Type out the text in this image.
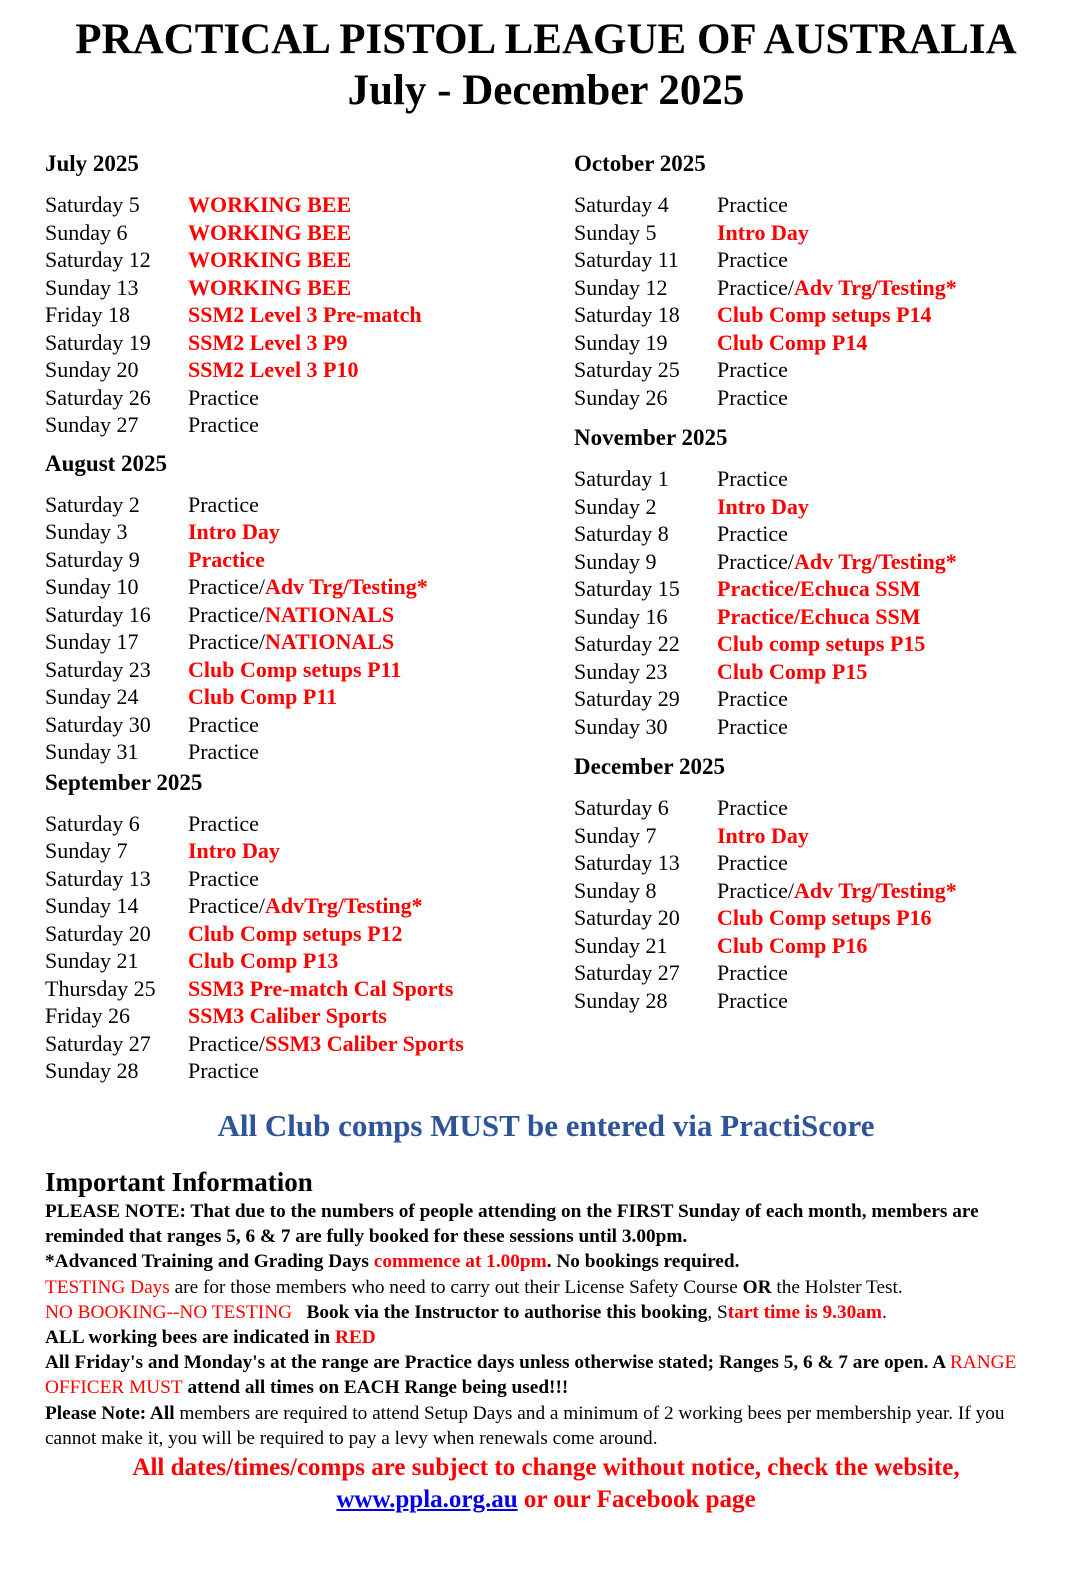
PRACTICAL PISTOL LEAGUE OF AUSTRALIA
July - December 2025
July 2025
Saturday 5 WORKING BEE
Sunday 6	WORKING BEE
Saturday 12 WORKING BEE
Sunday 13 WORKING BEE
Friday 18	SSM2 Level 3 Pre-match
Saturday 19 SSM2 Level 3 P9
Sunday 20 SSM2 Level 3 P10
Saturday 26 Practice
Sunday 27 Practice
August 2025
Saturday 2 Practice
Sunday 3	Intro Day
Saturday 9 Practice
Sunday 10 Practice/Adv Trg/Testing*
Saturday 16 Practice/NATIONALS
Sunday 17 Practice/NATIONALS
Saturday 23 Club Comp setups P11
Sunday 24 Club Comp P11
Saturday 30 Practice
Sunday 31 Practice
September 2025
Saturday 6 Practice
Sunday 7	Intro Day
Saturday 13 Practice
Sunday 14 Practice/AdvTrg/Testing*
Saturday 20 Club Comp setups P12
Sunday 21 Club Comp P13
Thursday 25 SSM3 Pre-match Cal Sports
Friday 26	SSM3 Caliber Sports
Saturday 27 Practice/SSM3 Caliber Sports
Sunday 28 Practice
October 2025
Saturday 4 Practice
Sunday 5	Intro Day
Saturday 11 Practice
Sunday 12 Practice/Adv Trg/Testing*
Saturday 18 Club Comp setups P14
Sunday 19 Club Comp P14
Saturday 25 Practice
Sunday 26 Practice
November 2025
Saturday 1 Practice
Sunday 2	Intro Day
Saturday 8 Practice
Sunday 9	Practice/Adv Trg/Testing*
Saturday 15 Practice/Echuca SSM
Sunday 16 Practice/Echuca SSM
Saturday 22 Club comp setups P15
Sunday 23 Club Comp P15
Saturday 29 Practice
Sunday 30 Practice
December 2025
Saturday 6 Practice
Sunday 7	Intro Day
Saturday 13 Practice
Sunday 8	Practice/Adv Trg/Testing*
Saturday 20 Club Comp setups P16
Sunday 21 Club Comp P16
Saturday 27 Practice
Sunday 28 Practice
All Club comps MUST be entered via PractiScore
Important Information

PLEASE NOTE: That due to the numbers of people attending on the FIRST Sunday of each month, members are reminded that ranges 5, 6 & 7 are fully booked for these sessions until 3.00pm.

*Advanced Training and Grading Days commence at 1.00pm. No bookings required.

TESTING Days are for those members who need to carry out their License Safety Course OR the Holster Test.

NO BOOKING--NO TESTING Book via the Instructor to authorise this booking, Start time is 9.30am.

ALL working bees are indicated in RED

All Friday's and Monday's at the range are Practice days unless otherwise stated; Ranges 5, 6 & 7 are open. A RANGE OFFICER MUST attend all times on EACH Range being used!!!

Please Note: All members are required to attend Setup Days and a minimum of 2 working bees per membership year. If you cannot make it, you will be required to pay a levy when renewals come around.

All dates/times/comps are subject to change without notice, check the website,
www.ppla.org.au or our Facebook page
